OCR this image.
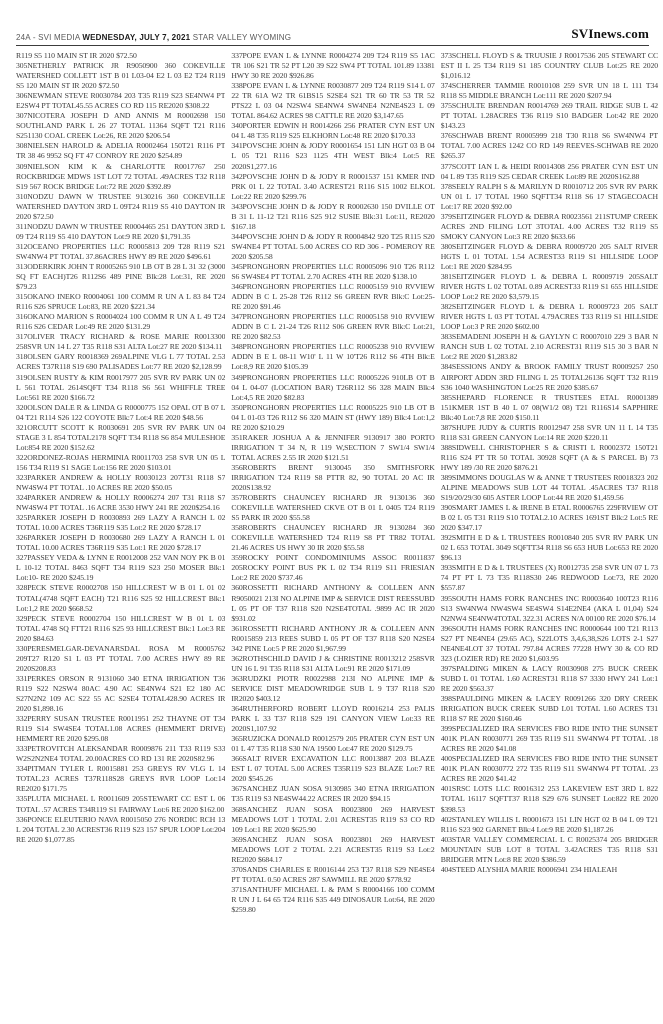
24A - SVI MEDIA WEDNESDAY, JULY 7, 2021 STAR VALLEY WYOMING	SVInews.com

R119 S5 110 MAIN ST IR 2020 $72.50

305NETHERLY PATRICK JR R9050900 360 COKEVILLE WATERSHED COLLETT 1ST B 01 L03-04 E2 L 03 E2 T24 R119 S5 120 MAIN ST IR 2020 $72.50

306NEWMAN STEVE R0030784 203 T35 R119 S23 SE4NW4 PT E2SW4 PT TOTAL45.55 ACRES CO RD 115 RE2020 $308.22

307NICOTERA JOSEPH D AND ANNIS M R0002698 150 SOUTHLAND PARK L 26 27 TOTAL 11364 SQFT T21 R116 S251130 COAL CREEK Lot:26, RE 2020 $206.54

308NIELSEN HAROLD & ADELIA R0002464 150T21 R116 PT TR 38 46 9952 SQ FT 47 CONROY RE 2020 $254.89

309NIELSON KIM K & CHARLOTTE R0017767 250 ROCKBRIDGE MDWS 1ST LOT 72 TOTAL .49ACRES T32 R118 S19 567 ROCK BRIDGE Lot:72 RE 2020 $392.89

310NODZU DAWN W TRUSTEE 9130216 360 COKEVILLE WATERSHED DAYTON 3RD L 09T24 R119 S5 410 DAYTON IR 2020 $72.50

311NODZU DAWN W TRUSTEE R0004465 251 DAYTON 3RD L 09 T24 R119 S5 410 DAYTON Lot:9 RE 2020 $1,791.35

312OCEANO PROPERTIES LLC R0005813 209 T28 R119 S21 SW4NW4 PT TOTAL 37.86ACRES HWY 89 RE 2020 $496.61

313ODERKIRK JOHN T R0005265 910 LB OT B 28 L 31 32 (3000 SQ FT EACH)T26 R112S6 489 PINE Blk:28 Lot:31, RE 2020 $79.23

315OKANO INEKO R0004061 100 COMM R UN A L 83 84 T24 R116 S26 SPRUCE Lot:83, RE 2020 $221.34

316OKANO MARION S R0004024 100 COMM R UN A L 49 T24 R116 S26 CEDAR Lot:49 RE 2020 $131.29

317OLIVER TRACY RICHARD & ROSE MARIE R0013300 258SVR UN 14 L 27 T35 R118 S31 ALTA Lot:27 RE 2020 $134.11

318OLSEN GARY R0018369 269ALPINE VLG L 77 TOTAL 2.53 ACRES T37R118 S19 690 PALISADES Lot:77 RE 2020 $2,128.99

319OLSEN RUSTY & KIM R0017977 205 SVR RV PARK UN 02 L 561 TOTAL 2614SQFT T34 R118 S6 561 WHIFFLE TREE Lot:561 RE 2020 $166.72

320OLSON DALE R & LINDA G R0000775 152 OPAL OT B 07 L 04 T21 R114 S26 122 COYOTE Blk:7 Lot:4 RE 2020 $48.56

321ORCUTT SCOTT K R0030691 205 SVR RV PARK UN 04 STAGE 3 L 854 TOTAL2178 SQFT T34 R118 S6 854 MULESHOE Lot:854 RE 2020 $152.62

322ORDONEZ-ROJAS HERMINIA R0011703 258 SVR UN 05 L 156 T34 R119 S1 SAGE Lot:156 RE 2020 $103.01

323PARKER ANDREW & HOLLY R0030123 207T31 R118 S7 NW4SW4 PT TOTAL .10 ACRES RE 2020 $50.05

324PARKER ANDREW & HOLLY R0006274 207 T31 R118 S7 NW4SW4 PT TOTAL .16 ACRE 3530 HWY 241 RE 2020$254.16

325PARKER JOSEPH D R0030893 269 LAZY A RANCH L 02 TOTAL 10.00 ACRES T36R119 S35 Lot:2 RE 2020 $728.17

326PARKER JOSEPH D R0030680 269 LAZY A RANCH L 01 TOTAL 10.00 ACRES T36R119 S35 Lot:1 RE 2020 $728.17

327PASSEY VEDA & LYNN E R0012008 252 VAN NOY PK B 01 L 10-12 TOTAL 8463 SQFT T34 R119 S23 250 MOSER Blk:1 Lot:10- RE 2020 $245.19

328PECK STEVE R0002708 150 HILLCREST W B 01 L 01 02 TOTAL(4748 SQFT EACH) T21 R116 S25 92 HILLCREST Blk:1 Lot:1,2 RE 2020 $668.52

329PECK STEVE R0002704 150 HILLCREST W B 01 L 03 TOTAL 4748 SQ FTT21 R116 S25 93 HILLCREST Blk:1 Lot:3 RE 2020 $84.63

330PERESMELGAR-DEVANARSDAL ROSA M R0005762 209T27 R120 S1 L 03 PT TOTAL 7.00 ACRES HWY 89 RE 2020S208.83

331PERKES ORSON R 9131060 340 ETNA IRRIGATION T36 R119 S22 N2SW4 80AC 4.90 AC SE4NW4 S21 E2 180 AC S27N2N2 109 AC S22 55 AC S2SE4 TOTAL428.90 ACRES IR 2020 $1,898.16

332PERRY SUSAN TRUSTEE R0011951 252 THAYNE OT T34 R119 S14 SW4SE4 TOTAL1.08 ACRES (HEMMERT DRIVE) HEMMERT RE 2020 $295.08

333PETROVITCH ALEKSANDAR R0009876 211 T33 R119 S33 W2S2N2NE4 TOTAL 20.00ACRES CO RD 131 RE 2020S82.96

334PITMAN TYLER L R0015881 253 GREYS RV VLG L 14 TOTAL.23 ACRES T37R118S28 GREYS RVR LOOP Lot:14 RE2020 $171.75

335PLUTA MICHAEL L R0011609 205STEWART CC EST L 06 TOTAL .57 ACRES T34R119 S1 FAIRWAY Lot:6 RE 2020 $162.00

336PONCE ELEUTERIO NAVA R0015050 276 NORDIC RCH 13 L 204 TOTAL 2.30 ACREST36 R119 S23 157 SPUR LOOP Lot:204 RE 2020 $1,077.85

337POPE EVAN L & LYNNE R0004274 209 T24 R119 S5 1AC TR 106 S21 TR 52 PT L20 39 S22 SW4 PT TOTAL 101.89 13381 HWY 30 RE 2020 $926.86

338POPE EVAN L & LYNNE R0030877 209 T24 R119 S14 L 07 22 TR 61A W2 TR 61BS15 S2SE4 S21 TR 60 TR 53 TR 52 PTS22 L 03 04 N2SW4 SE4NW4 SW4NE4 N2NE4S23 L 09 TOTAL 864.62 ACRES 98 CATTLE RE 2020 $3,147.65

340PORTER EDWIN H R0014266 256 PRATER CYN EST UN 04 L 48 T35 R119 S25 ELKHORN Lot:48 RE 2020 $170.33

341POVSCHE JOHN & JODY R0001654 151 LIN HGT 03 B 04 L 05 T21 R116 S23 1125 4TH WEST Blk:4 Lot:5 RE 2020S1,277.16

342POVSCHE JOHN D & JODY R R0001537 151 KMER IND PRK 01 L 22 TOTAL 3.40 ACREST21 R116 S15 1002 ELKOL Lot:22 RE 2020 $299.76

343POVSCHE JOHN D & JODY R R0002630 150 DVILLE OT B 31 L 11-12 T21 R116 S25 912 SUSIE Blk:31 Lot:11, RE2020 $167.18

344POVSCHE JOHN D & JODY R R0004842 920 T25 R115 S20 SW4NE4 PT TOTAL 5.00 ACRES CO RD 306 - POMEROY RE 2020 $205.58

345PRONGHORN PROPERTIES LLC R0005096 910 T26 R112 S6 SW4SE4 PT TOTAL 2.70 ACRES 4TH RE 2020 $138.10

346PRONGHORN PROPERTIES LLC R0005159 910 RVVIEW ADDN B C L 25-28 T26 R112 S6 GREEN RVR Blk:C Lot:25- RE 2020 $91.46

347PRONGHORN PROPERTIES LLC R0005158 910 RVVIEW ADDN B C L 21-24 T26 R112 S06 GREEN RVR Blk:C Lot:21, RE 2020 $82.53

348PRONGHORN PROPERTIES LLC R0005238 910 RVVIEW ADDN B E L 08-11 W10' L 11 W 10'T26 R112 S6 4TH Blk:E Lot:8,9 RE 2020 $105.39

349PRONGHORN PROPERTIES LLC R0005226 910LB OT B 04 L 04-07 (LOCATION BAR) T26R112 S6 328 MAIN Blk:4 Lot:4,5 RE 2020 $82.83

350PRONGHORN PROPERTIES LLC R0005225 910 LB OT B 04 L 01-03 T26 R112 S6 320 MAIN ST (HWY 189) Blk:4 Lot:1,2 RE 2020 $210.29

351RAKER JOSHUA A & JENNIFER 9130917 380 PORTO IRRIGATION T 34 N, R 119 W,SECTION 7 SW1/4 SW1/4 TOTAL ACRES 2.55 IR 2020 $121.51

356ROBERTS BRENT 9130045 350 SMITHSFORK IRRIGATION T24 R119 S8 PTTR 82, 90 TOTAL 20 AC IR 2020S138.92

357ROBERTS CHAUNCEY RICHARD JR 9130136 360 COKEVILLE WATERSHED CKVE OT B 01 L 0405 T24 R119 S5 PARK IR 2020 $55.58

358ROBERTS CHAUNCEY RICHARD JR 9130284 360 COKEVILLE WATERSHED T24 R119 S8 PT TR82 TOTAL 21.46 ACRES US HWY 30 IR 2020 $55.58

359ROCKY POINT CONDOMINIUMS ASSOC R0011837 205ROCKY POINT BUS PK L 02 T34 R119 S11 FRIESIAN Lot:2 RE 2020 $737.46

360ROSSETTI RICHARD ANTHONY & COLLEEN ANN R9050021 213I NO ALPINE IMP & SERVICE DIST REESSUBD L 05 PT OF T37 R118 S20 N2SE4TOTAL .9899 AC IR 2020 $931.02

361ROSSETTI RICHARD ANTHONY JR & COLLEEN ANN R0015859 213 REES SUBD L 05 PT OF T37 R118 S20 N2SE4 342 PINE Lot:5 P RE 2020 $1,967.99

362ROTHSCHILD DAVID J & CHRISTINE R0013212 258SVR UN 16 L 91 T35 R118 S31 ALTA Lot:91 RE 2020 $171.09

363RUDZKI PIOTR R0022988 213I NO ALPINE IMP & SERVICE DIST MEADOWRIDGE SUB L 9 T37 R118 S20 IR2020 $403.12

364RUTHERFORD ROBERT LLOYD R0016214 253 PALIS PARK L 33 T37 R118 S29 191 CANYON VIEW Lot:33 RE 2020S1,107.92

365RUZICKA DONALD R0012579 205 PRATER CYN EST UN 01 L 47 T35 R118 S30 N/A 19500 Lot:47 RE 2020 $129.75

366SALT RIVER EXCAVATION LLC R0013887 203 BLAZE EST L 07 TOTAL 5.00 ACRES T35R119 S23 BLAZE Lot:7 RE 2020 $545.26

367SANCHEZ JUAN SOSA 9130985 340 ETNA IRRIGATION T35 R119 S3 NE4SW44.22 ACRES IR 2020 $94.15

368SANCHEZ JUAN SOSA R0023800 269 HARVEST MEADOWS LOT 1 TOTAL 2.01 ACREST35 R119 S3 CO RD 109 Lot:1 RE 2020 $625.90

369SANCHEZ JUAN SOSA R0023801 269 HARVEST MEADOWS LOT 2 TOTAL 2.21 ACREST35 R119 S3 Lot:2 RE2020 $684.17

370SANDS CHARLES E R0016144 253 T37 R118 S29 NE4SE4 PT TOTAL 0.50 ACRES 287 SAWMILL RE 2020 $778.92

371SANTHUFF MICHAEL L & PAM S R0004166 100 COMM R UN J L 64 65 T24 R116 S35 449 DINOSAUR Lot:64, RE 2020 $259.80

373SCHELL FLOYD S & TRUUSIE J R0017536 205 STEWART CC EST II L 25 T34 R119 S1 185 COUNTRY CLUB Lot:25 RE 2020 $1,016.12

374SCHERRER TAMMIE R0010108 259 SVR UN 18 L 111 T34 R118 S5 MIDDLE BRANCH Lot:111 RE 2020 $207.94

375SCHULTE BRENDAN R0014769 269 TRAIL RIDGE SUB L 42 PT TOTAL 1.28ACRES T36 R119 S10 BADGER Lot:42 RE 2020 $143.23

376SCHWAB BRENT R0005999 218 T30 R118 S6 SW4NW4 PT TOTAL 7.00 ACRES 1242 CO RD 149 REEVES-SCHWAB RE 2020 $265.37

377SCOTT IAN L & HEIDI R0014308 256 PRATER CYN EST UN 04 L 89 T35 R119 S25 CEDAR CREEK Lot:89 RE 2020S162.88

378SEELY RALPH S & MARILYN D R0010712 205 SVR RV PARK UN 01 L 17 TOTAL 1960 SQFTT34 R118 S6 17 STAGECOACH Lot:17 RE 2020 $92.00

379SEITZINGER FLOYD & DEBRA R0023561 211STUMP CREEK ACRES 2ND FILING LOT 3TOTAL 4.00 ACRES T32 R119 S5 SMOKY CANYON Lot:3 RE 2020 $633.66

380SEITZINGER FLOYD & DEBRA R0009720 205 SALT RIVER HGTS L 01 TOTAL 1.54 ACREST33 R119 S1 HILLSIDE LOOP Lot:1 RE 2020 $284.95

381SEITZINGER FLOYD L & DEBRA L R0009719 205SALT RIVER HGTS L 02 TOTAL 0.89 ACREST33 R119 S1 655 HILLSIDE LOOP Lot:2 RE 2020 $3,579.15

382SEITZINGER FLOYD L & DEBRA L R0009723 205 SALT RIVER HGTS L 03 PT TOTAL 4.79ACRES T33 R119 S1 HILLSIDE LOOP Lot:3 P RE 2020 $602.00

383SEMADENI JOSEPH H & GAYLYN C R0007010 229 3 BAR N RANCH SUB L 02 TOTAL 2.10 ACREST31 R119 S15 30 3 BAR N Lot:2 RE 2020 $1,283.82

384SESSIONS ANDY & BROOK FAMILY TRUST R0009257 250 AIRPORT ADDN 3RD FILING L 25 TOTAL26136 SQFT T32 R119 S36 1040 WASHINGTON Lot:25 RE 2020 $385.67

385SHEPARD FLORENCE R TRUSTEES ETAL R0001389 151KMER 1ST B 40 L 07 08(W1/2 08) T21 R116S14 SAPPHIRE Blk:40 Lot:7,8 RE 2020 $150.11

387SHUPE JUDY & CURTIS R0012947 258 SVR UN 11 L 14 T35 R118 S31 GREEN CANYON Lot:14 RE 2020 $220.11

388SIDWELL CHRISTOPHER S & CRISTI L R0002372 150T21 R116 S24 PT TR 50 TOTAL 30928 SQFT (A & S PARCEL B) 73 HWY 189 /30 RE 2020 $876.21

389SIMMONS DOUGLAS W & ANNE T TRUSTEES R0018323 202 ALPINE MEADOWS SUB LOT 44 TOTAL .45ACRES T37 R118 S19/20/29/30 605 ASTER LOOP Lot:44 RE 2020 $1,459.56

390SMART JAMES L & IRENE B ETAL R0006765 229FRVIEW OT B 02 L 05 T31 R119 S10 TOTAL2.10 ACRES 1691ST Blk:2 Lot:5 RE 2020 $347.17

392SMITH E D & L TRUSTEES R0010840 205 SVR RV PARK UN 02 L 653 TOTAL 3049 SQFTT34 R118 S6 653 HUB Lot:653 RE 2020 $96.13

393SMITH E D & L TRUSTEES (X) R0012735 258 SVR UN 07 L 73 74 PT PT L 73 T35 R118S30 246 REDWOOD Lot:73, RE 2020 $557.87

395SOUTH HAMS FORK RANCHES INC R0003640 100T23 R116 S13 SW4NW4 NW4SW4 SE4SW4 S14E2NE4 (AKA L 01,04) S24 N2NW4 SE4NW4TOTAL 322.31 ACRES N/A 00100 RE 2020 $76.14

396SOUTH HAMS FORK RANCHES INC R0000644 100 T21 R113 S27 PT NE4NE4 (29.65 AC), S22LOTS 3,4,6,38,S26 LOTS 2-1 S27 NE4NE4LOT 37 TOTAL 797.84 ACRES 77228 HWY 30 & CO RD 323 (LOZIER RD) RE 2020 $1,603.95

397SPALDING MIKEN & LACY R0030908 275 BUCK CREEK SUBD L 01 TOTAL 1.60 ACREST31 R118 S7 3330 HWY 241 Lot:1 RE 2020 $563.37

398SPAULDING MIKEN & LACEY R0091266 320 DRY CREEK IRRIGATION BUCK CREEK SUBD L01 TOTAL 1.60 ACRES T31 R118 S7 RE 2020 $160.46

399SPECIALIZED IRA SERVICES FBO RIDE INTO THE SUNSET 401K PLAN R0030771 269 T35 R119 S11 SW4NW4 PT TOTAL .18 ACRES RE 2020 $41.08

400SPECIALIZED IRA SERVICES FBO RIDE INTO THE SUNSET 401K PLAN R0030772 272 T35 R119 S11 SW4NW4 PT TOTAL .23 ACRES RE 2020 $41.42

401SRSC LOTS LLC R0016312 253 LAKEVIEW EST 3RD L 822 TOTAL 16117 SQFTT37 R118 S29 676 SUNSET Lot:822 RE 2020 $398.53

402STANLEY WILLIS L R0001673 151 LIN HGT 02 B 04 L 09 T21 R116 S23 902 GARNET Blk:4 Lot:9 RE 2020 $1,187.26

403STAR VALLEY COMMERCIAL L C R0025374 205 BRIDGER MOUNTAIN SUB LOT 8 TOTAL 3.42ACRES T35 R118 S31 BRIDGER MTN Lot:8 RE 2020 $386.59

404STEED ALYSHIA MARIE R0006941 234 HIALEAH
